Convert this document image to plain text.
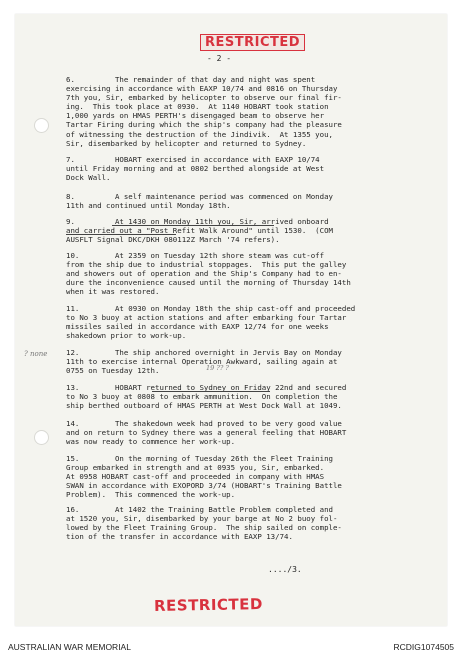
RESTRICTED
- 2 -
6.         The remainder of that day and night was spent
exercising in accordance with EAXP 10/74 and 0816 on Thursday
7th you, Sir, embarked by helicopter to observe our final fir-
ing.  This took place at 0930.  At 1140 HOBART took station
1,000 yards on HMAS PERTH's disengaged beam to observe her
Tartar Firing during which the ship's company had the pleasure
of witnessing the destruction of the Jindivik.  At 1355 you,
Sir, disembarked by helicopter and returned to Sydney.
7.         HOBART exercised in accordance with EAXP 10/74
until Friday morning and at 0802 berthed alongside at West
Dock Wall.
8.         A self maintenance period was commenced on Monday
11th and continued until Monday 18th.
9.         At 1430 on Monday 11th you, Sir, arrived onboard
and carried out a "Post Refit Walk Around" until 1530.  (COM
AUSFLT Signal DKC/DKH 080112Z March '74 refers).
10.        At 2359 on Tuesday 12th shore steam was cut-off
from the ship due to industrial stoppages.  This put the galley
and showers out of operation and the Ship's Company had to en-
dure the inconvenience caused until the morning of Thursday 14th
when it was restored.
11.        At 0930 on Monday 18th the ship cast-off and proceeded
to No 3 buoy at action stations and after embarking four Tartar
missiles sailed in accordance with EAXP 12/74 for one weeks
shakedown prior to work-up.
12.        The ship anchored overnight in Jervis Bay on Monday
11th to exercise internal Operation Awkward, sailing again at
0755 on Tuesday 12th.
13.        HOBART returned to Sydney on Friday 22nd and secured
to No 3 buoy at 0808 to embark ammunition.  On completion the
ship berthed outboard of HMAS PERTH at West Dock Wall at 1049.
14.        The shakedown week had proved to be very good value
and on return to Sydney there was a general feeling that HOBART
was now ready to commence her work-up.
15.        On the morning of Tuesday 26th the Fleet Training
Group embarked in strength and at 0935 you, Sir, embarked.
At 0958 HOBART cast-off and proceeded in company with HMAS
SWAN in accordance with EXOPORD 3/74 (HOBART's Training Battle
Problem).  This commenced the work-up.
16.        At 1402 the Training Battle Problem completed and
at 1520 you, Sir, disembarked by your barge at No 2 buoy fol-
lowed by the Fleet Training Group.  The ship sailed on comple-
tion of the transfer in accordance with EAXP 13/74.
? none
19 ?? ?
..../3.
RESTRICTED
AUSTRALIAN WAR MEMORIAL	RCDIG1074505
